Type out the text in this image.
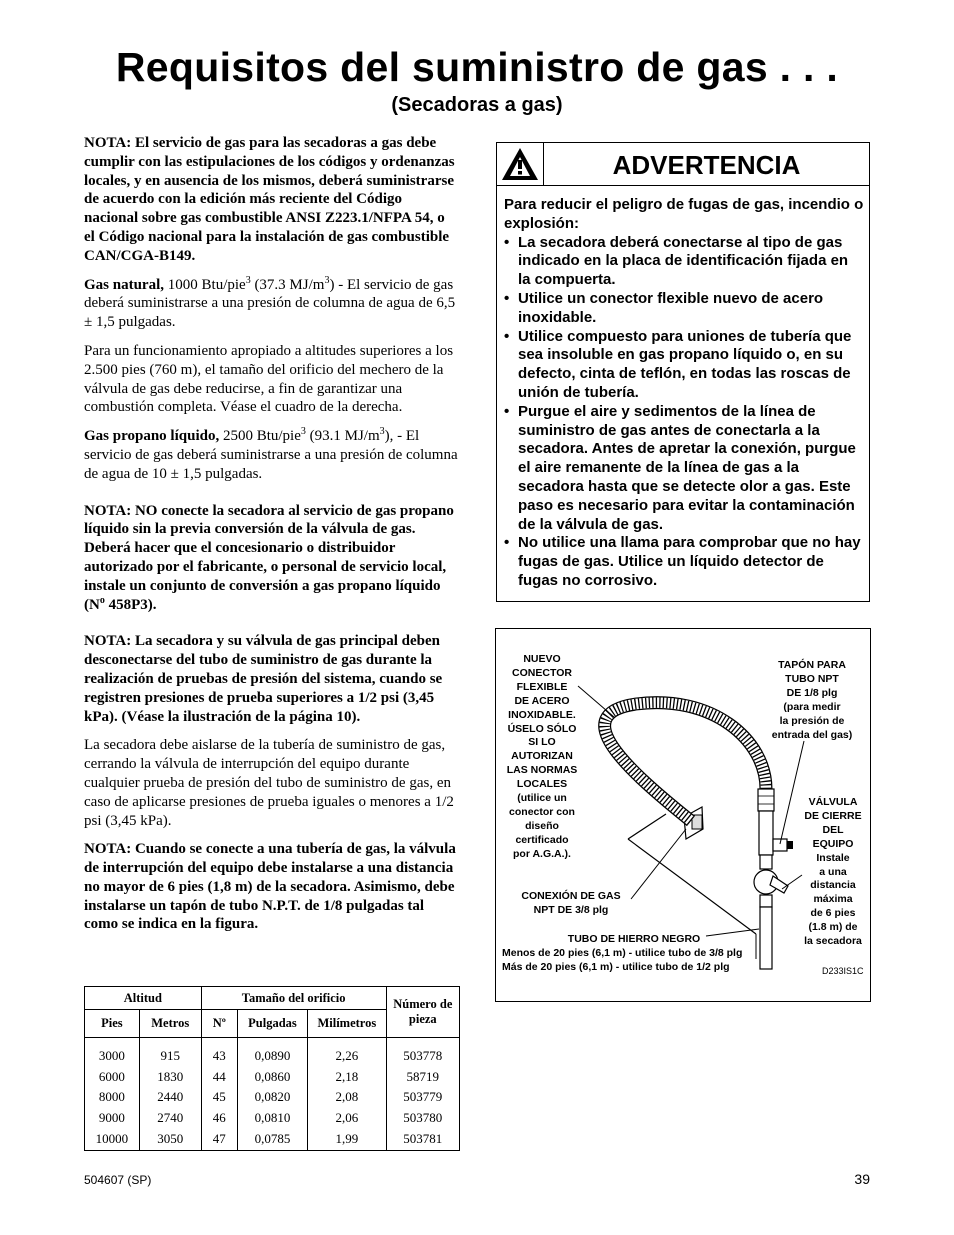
Requisitos del suministro de gas . . .
(Secadoras a gas)

NOTA: El servicio de gas para las secadoras a gas debe cumplir con las estipulaciones de los códigos y ordenanzas locales, y en ausencia de los mismos, deberá suministrarse de acuerdo con la edición más reciente del Código nacional sobre gas combustible ANSI Z223.1/NFPA 54, o el Código nacional para la instalación de gas combustible CAN/CGA-B149.

Gas natural, 1000 Btu/pie$^3$ (37.3 $MJ/m^3$) - El servicio de gas deberá suministrarse a una presión de columna de agua de 6,5 ± 1,5 pulgadas.

Para un funcionamiento apropiado a altitudes superiores a los 2.500 pies (760 m), el tamaño del orificio del mechero de la válvula de gas debe reducirse, a fin de garantizar una combustión completa. Véase el cuadro de la derecha.

Gas propano líquido, 2500 Btu/pie$^3$ (93.1 $MJ/m^3$), - El servicio de gas deberá suministrarse a una presión de columna de agua de 10 ± 1,5 pulgadas.

NOTA: NO conecte la secadora al servicio de gas propano líquido sin la previa conversión de la válvula de gas. Deberá hacer que el concesionario o distribuidor autorizado por el fabricante, o personal de servicio local, instale un conjunto de conversión a gas propano líquido ($N^o$ 458P3).

NOTA: La secadora y su válvula de gas principal deben desconectarse del tubo de suministro de gas durante la realización de pruebas de presión del sistema, cuando se registren presiones de prueba superiores a 1/2 psi (3,45 kPa). (Véase la ilustración de la página 10).

La secadora debe aislarse de la tubería de suministro de gas, cerrando la válvula de interrupción del equipo durante cualquier prueba de presión del tubo de suministro de gas, en caso de aplicarse presiones de prueba iguales o menores a 1/2 psi (3,45 kPa).

NOTA: Cuando se conecte a una tubería de gas, la válvula de interrupción del equipo debe instalarse a una distancia no mayor de 6 pies (1,8 m) de la secadora. Asimismo, debe instalarse un tapón de tubo N.P.T. de 1/8 pulgadas tal como se indica en la figura.

Altitud		Tamaño del orificio			Número de pieza
Pies	Metros	Nº	Pulgadas	Milímetros	

3000	915	43	0,0890	2,26	503778
6000	1830	44	0,0860	2,18	58719
8000	2440	45	0,0820	2,08	503779
9000	2740	46	0,0810	2,06	503780
10000	3050	47	0,0785	1,99	503781
ADVERTENCIA

Para reducir el peligro de fugas de gas, incendio o explosión:

• La secadora deberá conectarse al tipo de gas indicado en la placa de identificación fijada en la compuerta.
• Utilice un conector flexible nuevo de acero inoxidable.
• Utilice compuesto para uniones de tubería que sea insoluble en gas propano líquido o, en su defecto, cinta de teflón, en todas las roscas de unión de tubería.
• Purgue el aire y sedimentos de la línea de suministro de gas antes de conectarla a la secadora. Antes de apretar la conexión, purgue el aire remanente de la línea de gas a la secadora hasta que se detecte olor a gas. Este paso es necesario para evitar la contaminación de la válvula de gas.
• No utilice una llama para comprobar que no hay fugas de gas. Utilice un líquido detector de fugas no corrosivo.
NUEVO
CONECTOR
FLEXIBLE
DE ACERO
INOXIDABLE.
ÚSELO SÓLO
SI LO
AUTORIZAN
LAS NORMAS
LOCALES
(utilice un
conector con
diseño
certificado
por A.G.A.).
TAPÓN PARA
TUBO NPT
DE 1/8 plg
(para medir
la presión de
entrada del gas)
VÁLVULA
DE CIERRE
DEL
EQUIPO
Instale
a una
distancia
máxima
de 6 pies
(1.8 m) de
la secadora
CONEXIÓN DE GAS
NPT DE 3/8 plg
TUBO DE HIERRO NEGRO
Menos de 20 pies (6,1 m) - utilice tubo de 3/8 plg
Más de 20 pies (6,1 m) - utilice tubo de 1/2 plg	D233IS1C
504607 (SP)	39
